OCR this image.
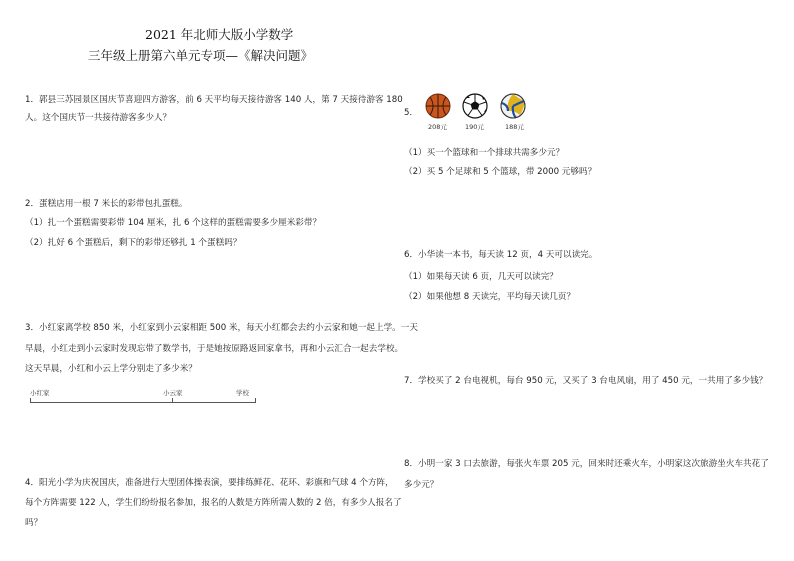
2021 年北师大版小学数学
三年级上册第六单元专项—《解决问题》
1．郭县三苏园景区国庆节喜迎四方游客，前 6 天平均每天接待游客 140 人，第 7 天接待游客 180
人。这个国庆节一共接待游客多少人？
2．蛋糕店用一根 7 米长的彩带包扎蛋糕。
（1）扎一个蛋糕需要彩带 104 厘米，扎 6 个这样的蛋糕需要多少厘米彩带？
（2）扎好 6 个蛋糕后，剩下的彩带还够扎 1 个蛋糕吗？
3．小红家离学校 850 米，小红家到小云家相距 500 米，每天小红都会去约小云家和她一起上学。一天
早晨，小红走到小云家时发现忘带了数学书，于是她按原路返回家拿书，再和小云汇合一起去学校。
这天早晨，小红和小云上学分别走了多少米？
小红家	小云家	学校
4．阳光小学为庆祝国庆，准备进行大型团体操表演，要排练鲜花、花环、彩旗和气球 4 个方阵，
每个方阵需要 122 人，学生们纷纷报名参加，报名的人数是方阵所需人数的 2 倍，有多少人报名了
吗？
5．
208元	190元	188元
（1）买一个篮球和一个排球共需多少元？
（2）买 5 个足球和 5 个篮球，带 2000 元够吗？
6．小华读一本书，每天读 12 页，4 天可以读完。
（1）如果每天读 6 页，几天可以读完？
（2）如果他想 8 天读完，平均每天读几页？
7．学校买了 2 台电视机，每台 950 元，又买了 3 台电风扇，用了 450 元，一共用了多少钱？
8．小明一家 3 口去旅游，每张火车票 205 元，回来时还乘火车，小明家这次旅游坐火车共花了
多少元？
